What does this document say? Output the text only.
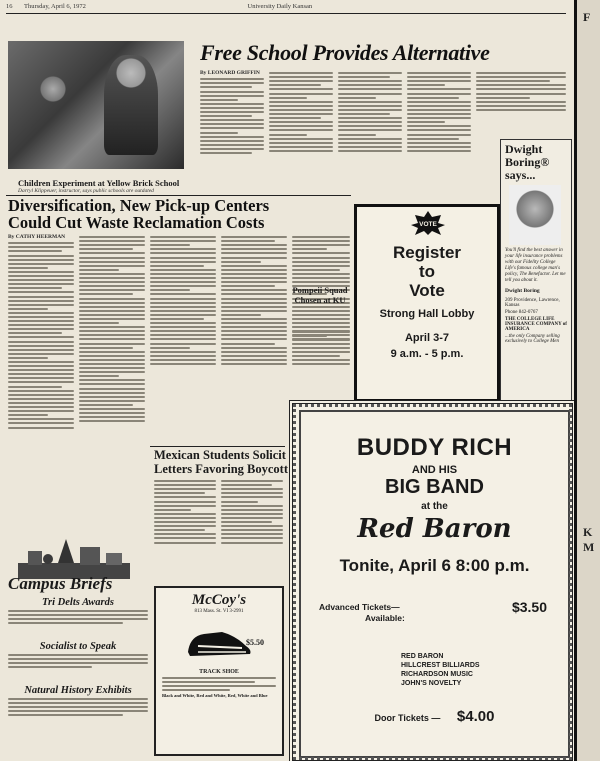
16 Thursday, April 6, 1972	University Daily Kansan
Children Experiment at Yellow Brick School
Darryl Klippeuer, instructor, says public schools are outdated
Free School Provides Alternative
By LEONARD GRIFFIN
Diversification, New Pick-up Centers Could Cut Waste Reclamation Costs
By CATHY HEERMAN
VOTE
Register
to
Vote
Strong Hall Lobby
April 3-7
9 a.m. - 5 p.m.
Dwight Boring® says...
You'll find the best answer in your life insurance problems with our Fidelity College Life's famous college man's policy, The Benefactor. Let me tell you about it.
Dwight Boring
209 Providence, Lawrence, Kansas
Phone 842-0767
THE COLLEGE LIFE INSURANCE COMPANY of AMERICA
...the only Company selling exclusively to College Men
Pompeii Squad Chosen at KU
Mexican Students Solicit Letters Favoring Boycott
Campus Briefs
Tri Delts Awards
Socialist to Speak
Natural History Exhibits
McCoy's
813 Mass. St. VI 3-2991
$5.50
TRACK SHOE
Black and White, Red and White, Red, White and Blue
BUDDY RICH
AND HIS
BIG BAND
at the
Red Baron
Tonite, April 6 8:00 p.m.
Advanced Tickets—
Available:
$3.50
RED BARON
HILLCREST BILLIARDS
RICHARDSON MUSIC
JOHN'S NOVELTY
Door Tickets — $4.00
F
K
M
